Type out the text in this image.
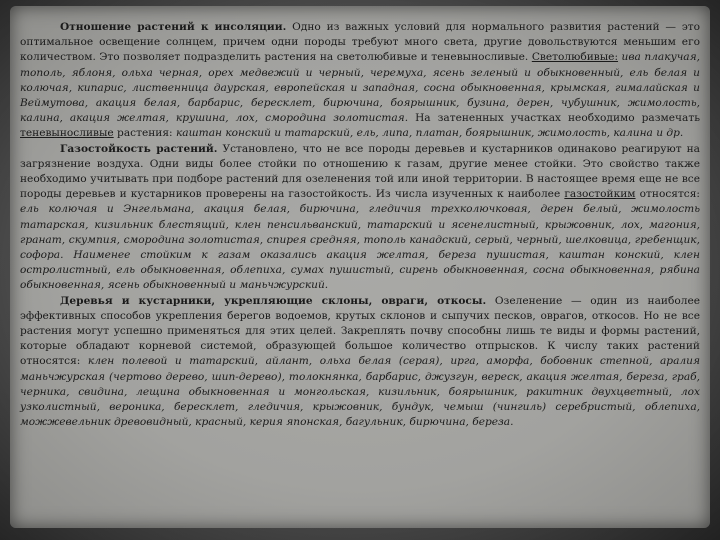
Отношение растений к инсоляции. Одно из важных условий для нормального развития растений — это оптимальное освещение солнцем, причем одни породы требуют много света, другие довольствуются меньшим его количеством. Это позволяет подразделить растения на светолюбивые и теневыносливые. Светолюбивые: ива плакучая, тополь, яблоня, ольха черная, орех медвежий и черный, черемуха, ясень зеленый и обыкновенный, ель белая и колючая, кипарис, лиственница даурская, европейская и западная, сосна обыкновенная, крымская, гималайская и Веймутова, акация белая, барбарис, бересклет, бирючина, боярышник, бузина, дерен, чубушник, жимолость, калина, акация желтая, крушина, лох, смородина золотистая. На затененных участках необходимо размечать теневыносливые растения: каштан конский и татарский, ель, липа, платан, боярышник, жимолость, калина и др.

Газостойкость растений. Установлено, что не все породы деревьев и кустарников одинаково реагируют на загрязнение воздуха. Одни виды более стойки по отношению к газам, другие менее стойки. Это свойство также необходимо учитывать при подборе растений для озеленения той или иной территории. В настоящее время еще не все породы деревьев и кустарников проверены на газостойкость. Из числа изученных к наиболее газостойким относятся: ель колючая и Энгельмана, акация белая, бирючина, гледичия трехколючковая, дерен белый, жимолость татарская, кизильник блестящий, клен пенсильванский, татарский и ясенелистный, крыжовник, лох, магония, гранат, скумпия, смородина золотистая, спирея средняя, тополь канадский, серый, черный, шелковица, гребенщик, софора. Наименее стойким к газам оказались акация желтая, береза пушистая, каштан конский, клен остролистный, ель обыкновенная, облепиха, сумах пушистый, сирень обыкновенная, сосна обыкновенная, рябина обыкновенная, ясень обыкновенный и маньчжурский.

Деревья и кустарники, укрепляющие склоны, овраги, откосы. Озеленение — один из наиболее эффективных способов укрепления берегов водоемов, крутых склонов и сыпучих песков, оврагов, откосов. Но не все растения могут успешно применяться для этих целей. Закреплять почву способны лишь те виды и формы растений, которые обладают корневой системой, образующей большое количество отпрысков. К числу таких растений относятся: клен полевой и татарский, айлант, ольха белая (серая), ирга, аморфа, бобовник степной, аралия маньчжурская (чертово дерево, шип-дерево), толокнянка, барбарис, джузгун, вереск, акация желтая, береза, граб, черника, свидина, лещина обыкновенная и монгольская, кизильник, боярышник, ракитник двухцветный, лох узколистный, вероника, бересклет, гледичия, крыжовник, бундук, чемыш (чингиль) серебристый, облепиха, можжевельник древовидный, красный, керия японская, багульник, бирючина, береза.
